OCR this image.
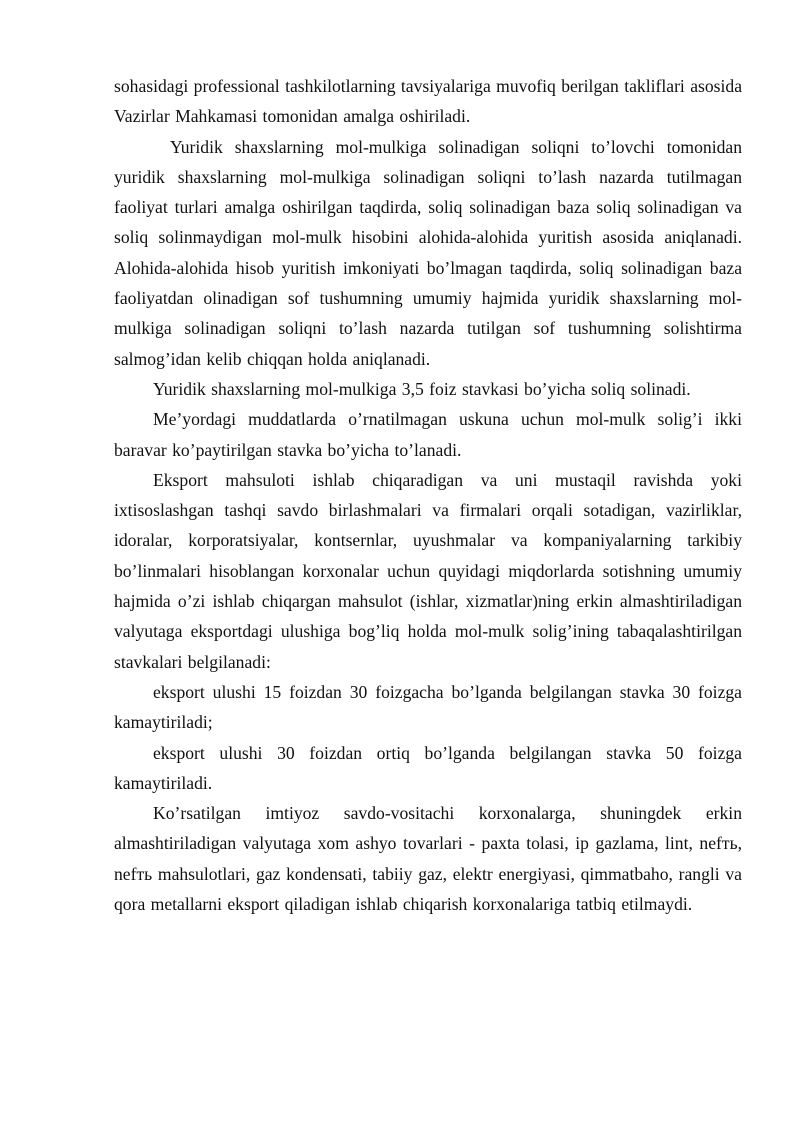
sohasidagi professional tashkilotlarning tavsiyalariga muvofiq berilgan takliflari asosida Vazirlar Mahkamasi tomonidan amalga oshiriladi.

Yuridik shaxslarning mol-mulkiga solinadigan soliqni to’lovchi tomonidan yuridik shaxslarning mol-mulkiga solinadigan soliqni to’lash nazarda tutilmagan faoliyat turlari amalga oshirilgan taqdirda, soliq solinadigan baza soliq solinadigan va soliq solinmaydigan mol-mulk hisobini alohida-alohida yuritish asosida aniqlanadi. Alohida-alohida hisob yuritish imkoniyati bo’lmagan taqdirda, soliq solinadigan baza faoliyatdan olinadigan sof tushumning umumiy hajmida yuridik shaxslarning mol-mulkiga solinadigan soliqni to’lash nazarda tutilgan sof tushumning solishtirma salmog’idan kelib chiqqan holda aniqlanadi.

Yuridik shaxslarning mol-mulkiga 3,5 foiz stavkasi bo’yicha soliq solinadi.

Me’yordagi muddatlarda o’rnatilmagan uskuna uchun mol-mulk solig’i ikki baravar ko’paytirilgan stavka bo’yicha to’lanadi.

Eksport mahsuloti ishlab chiqaradigan va uni mustaqil ravishda yoki ixtisoslashgan tashqi savdo birlashmalari va firmalari orqali sotadigan, vazirliklar, idoralar, korporatsiyalar, kontsernlar, uyushmalar va kompaniyalarning tarkibiy bo’linmalari hisoblangan korxonalar uchun quyidagi miqdorlarda sotishning umumiy hajmida o’zi ishlab chiqargan mahsulot (ishlar, xizmatlar)ning erkin almashtiriladigan valyutaga eksportdagi ulushiga bog’liq holda mol-mulk solig’ining tabaqalashtirilgan stavkalari belgilanadi:

eksport ulushi 15 foizdan 30 foizgacha bo’lganda belgilangan stavka 30 foizga kamaytiriladi;

eksport ulushi 30 foizdan ortiq bo’lganda belgilangan stavka 50 foizga kamaytiriladi.

Ko’rsatilgan imtiyoz savdo-vositachi korxonalarga, shuningdek erkin almashtiriladigan valyutaga xom ashyo tovarlari - paxta tolasi, ip gazlama, lint, nefть, nefть mahsulotlari, gaz kondensati, tabiiy gaz, elektr energiyasi, qimmatbaho, rangli va qora metallarni eksport qiladigan ishlab chiqarish korxonalariga tatbiq etilmaydi.
